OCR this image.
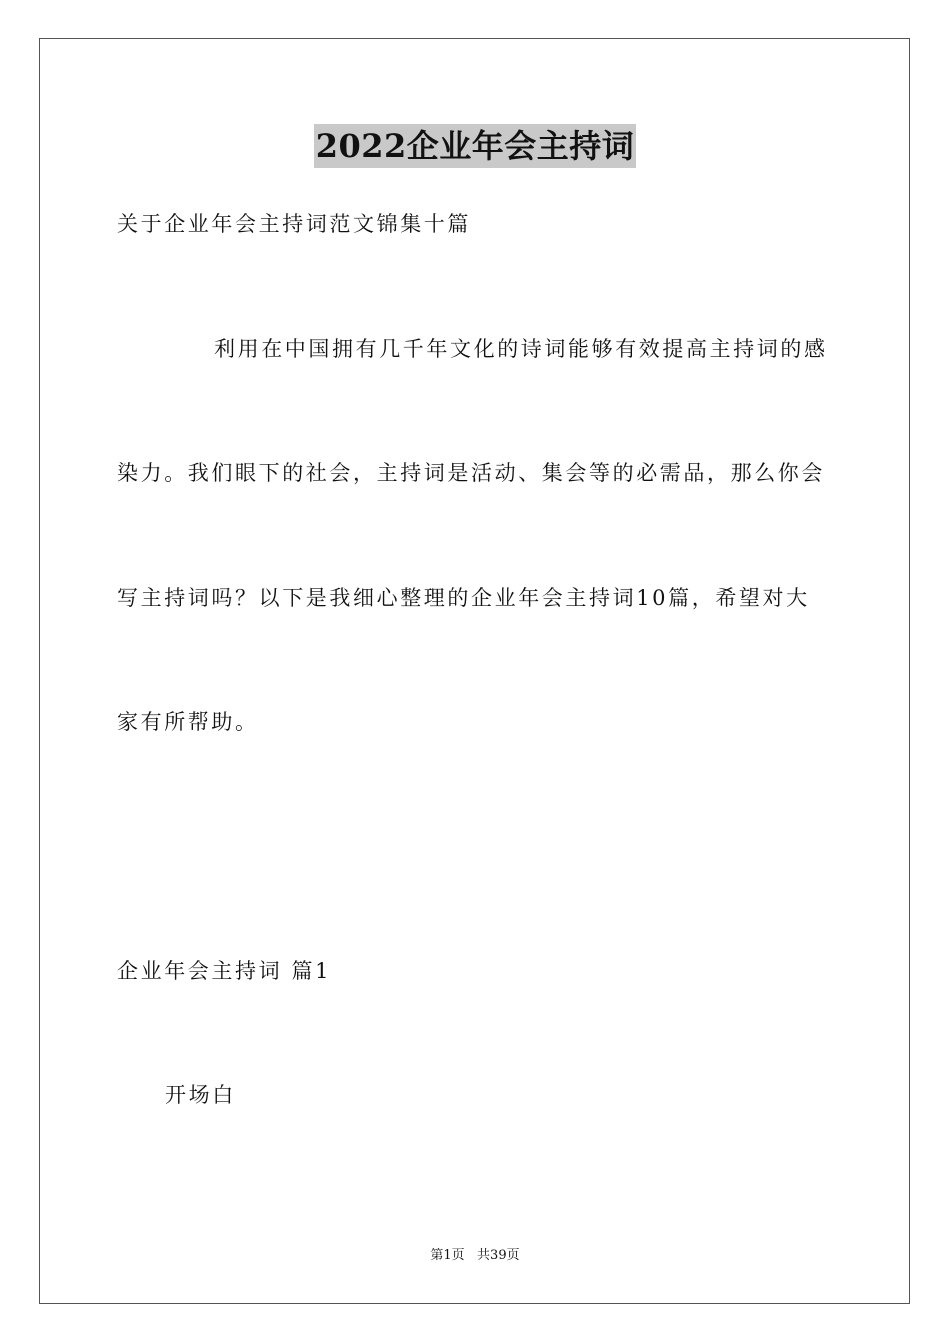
2022企业年会主持词
关于企业年会主持词范文锦集十篇
利用在中国拥有几千年文化的诗词能够有效提高主持词的感
染力。我们眼下的社会，主持词是活动、集会等的必需品，那么你会
写主持词吗？以下是我细心整理的企业年会主持词10篇，希望对大
家有所帮助。
企业年会主持词 篇1
开场白
第1页   共39页
